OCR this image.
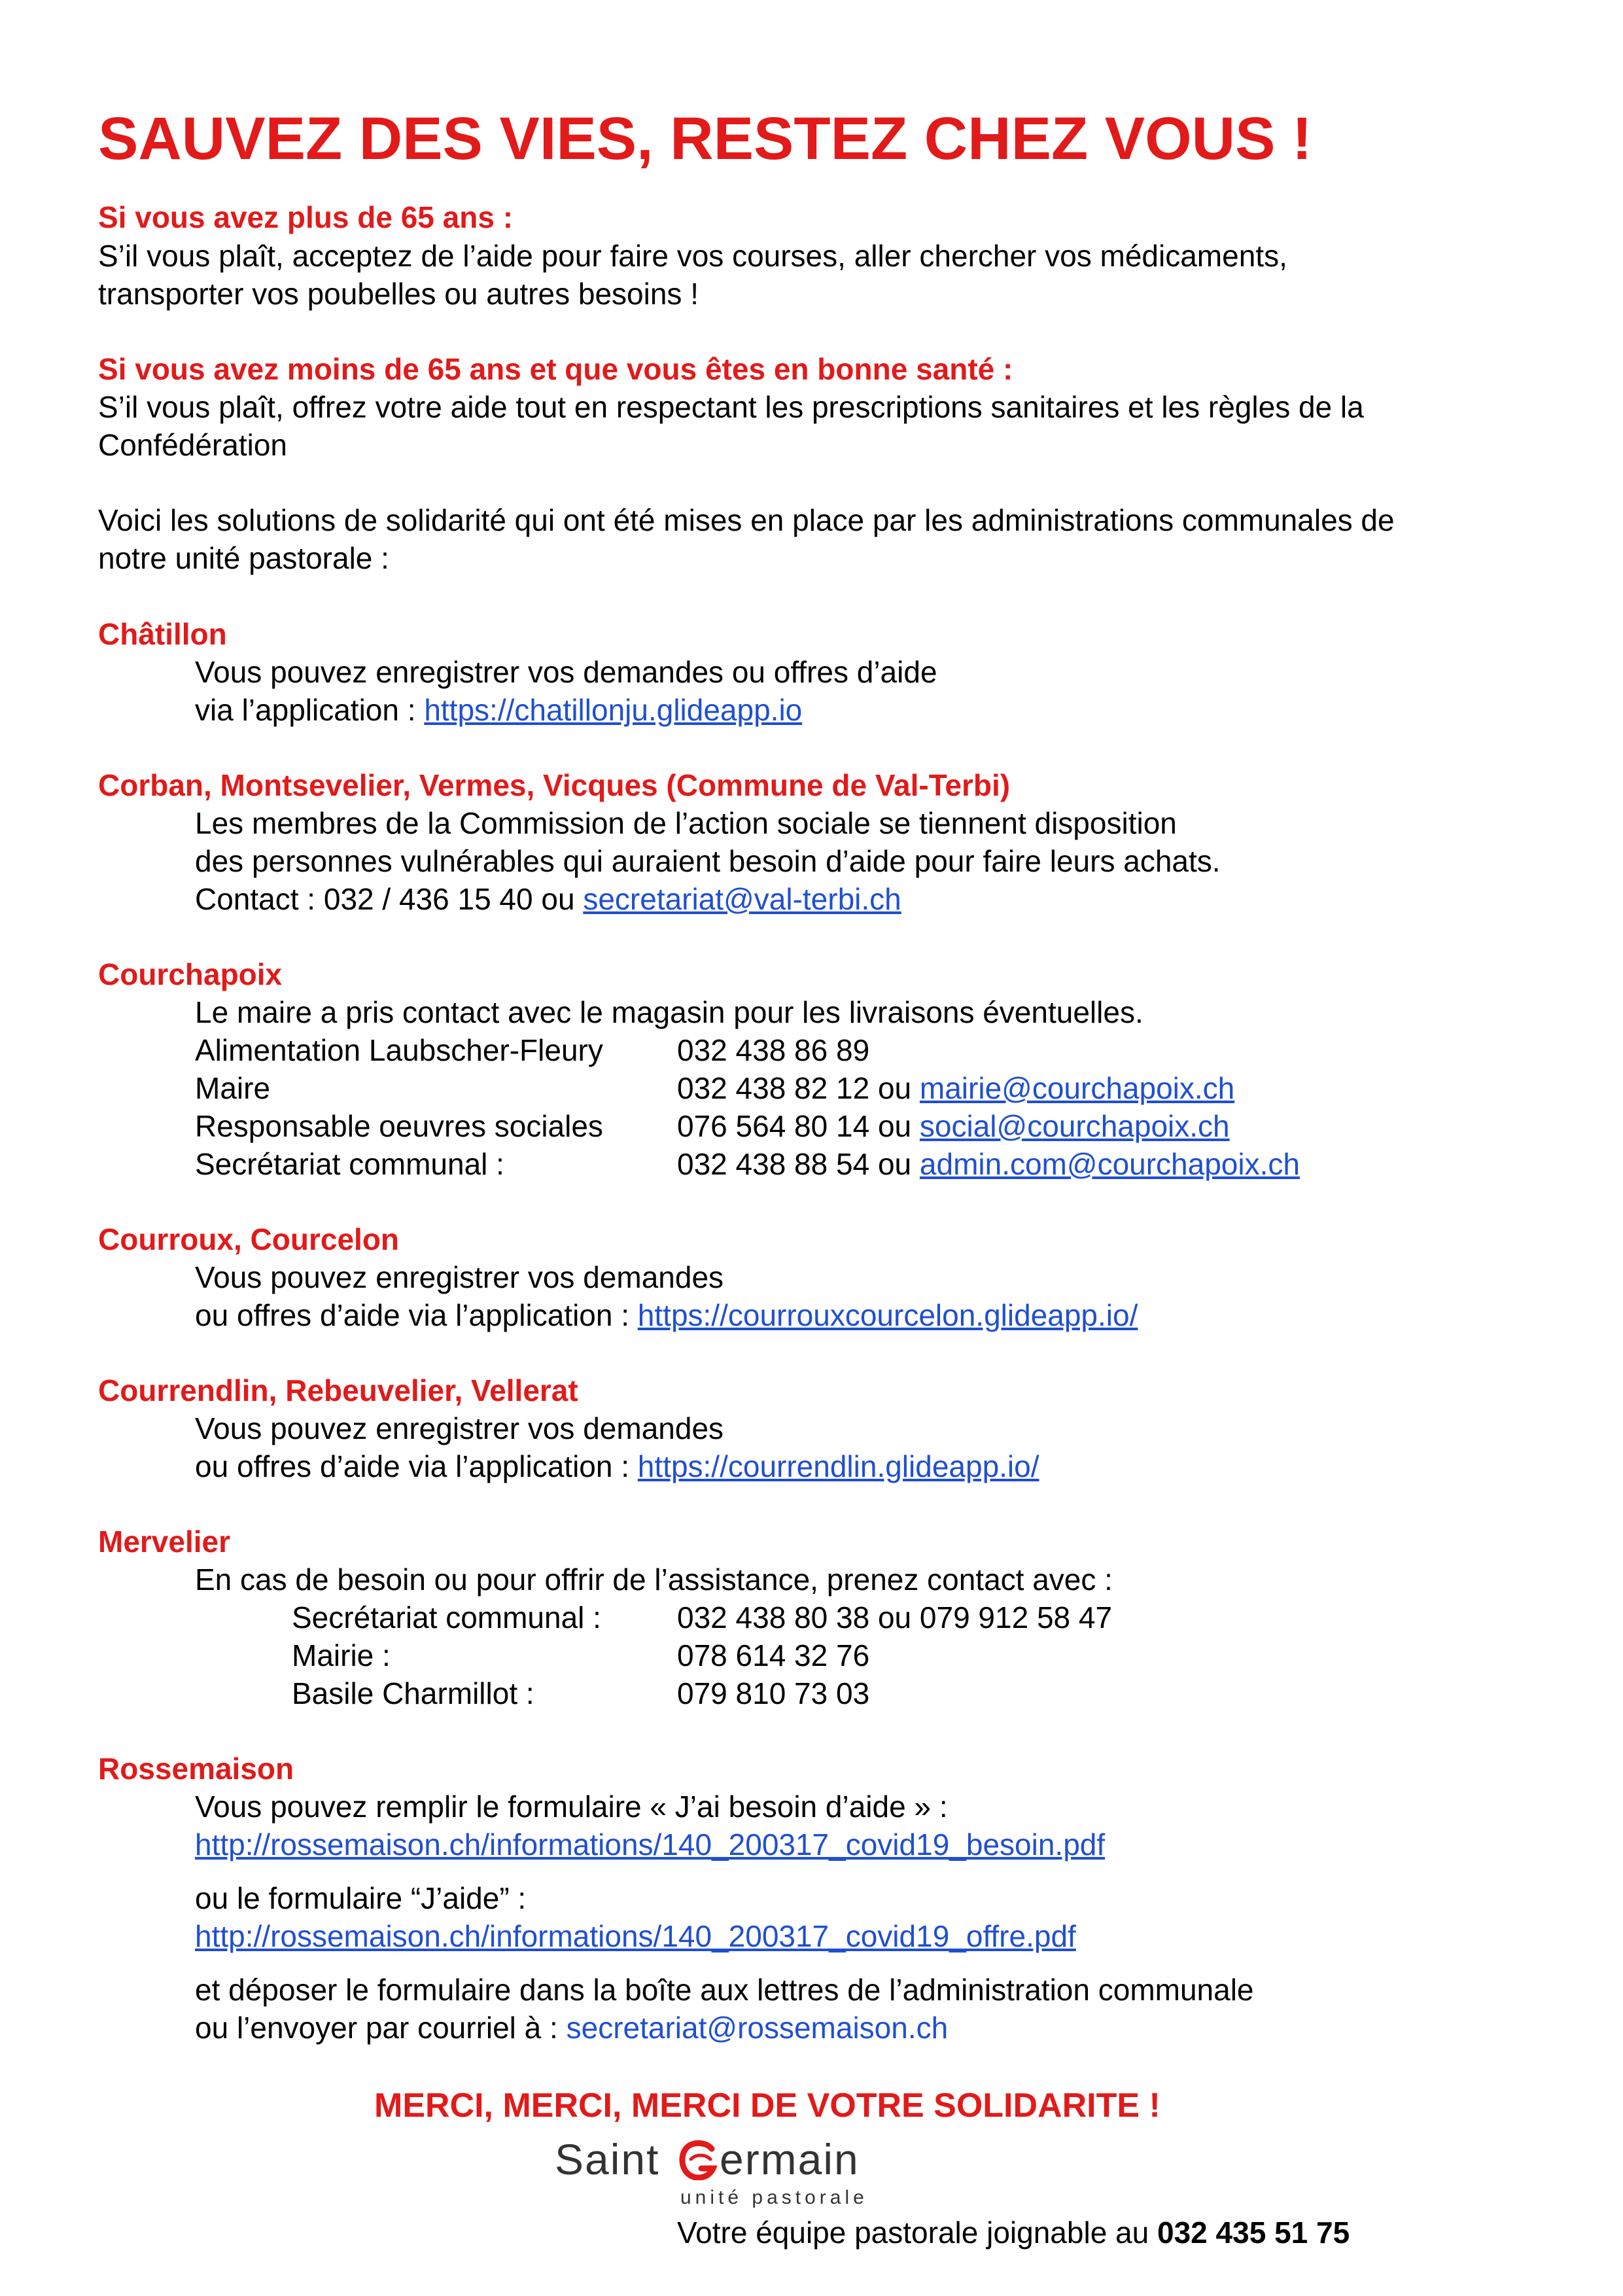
SAUVEZ DES VIES, RESTEZ CHEZ VOUS !
Si vous avez plus de 65 ans :
S’il vous plaît, acceptez de l’aide pour faire vos courses, aller chercher vos médicaments,
transporter vos poubelles ou autres besoins !
Si vous avez moins de 65 ans et que vous êtes en bonne santé :
S’il vous plaît, offrez votre aide tout en respectant les prescriptions sanitaires et les règles de la
Confédération
Voici les solutions de solidarité qui ont été mises en place par les administrations communales de
notre unité pastorale :
Châtillon
Vous pouvez enregistrer vos demandes ou offres d’aide
via l’application : https://chatillonju.glideapp.io
Corban, Montsevelier, Vermes, Vicques (Commune de Val-Terbi)
Les membres de la Commission de l’action sociale se tiennent disposition
des personnes vulnérables qui auraient besoin d’aide pour faire leurs achats.
Contact : 032 / 436 15 40 ou secretariat@val-terbi.ch
Courchapoix
Le maire a pris contact avec le magasin pour les livraisons éventuelles.
Alimentation Laubscher-Fleury 032 438 86 89
Maire	032 438 82 12 ou mairie@courchapoix.ch
Responsable oeuvres sociales 076 564 80 14 ou social@courchapoix.ch
Secrétariat communal :	032 438 88 54 ou admin.com@courchapoix.ch
Courroux, Courcelon
Vous pouvez enregistrer vos demandes
ou offres d’aide via l’application : https://courrouxcourcelon.glideapp.io/
Courrendlin, Rebeuvelier, Vellerat
Vous pouvez enregistrer vos demandes
ou offres d’aide via l’application : https://courrendlin.glideapp.io/
Mervelier
En cas de besoin ou pour offrir de l’assistance, prenez contact avec :
Secrétariat communal :	032 438 80 38 ou 079 912 58 47
Mairie :	078 614 32 76
Basile Charmillot :	079 810 73 03
Rossemaison
Vous pouvez remplir le formulaire « J’ai besoin d’aide » :
http://rossemaison.ch/informations/140_200317_covid19_besoin.pdf
ou le formulaire “J’aide” :
http://rossemaison.ch/informations/140_200317_covid19_offre.pdf
et déposer le formulaire dans la boîte aux lettres de l’administration communale
ou l’envoyer par courriel à : secretariat@rossemaison.ch
MERCI, MERCI, MERCI DE VOTRE SOLIDARITE !
Saint ermain
unité pastorale
Votre équipe pastorale joignable au 032 435 51 75
